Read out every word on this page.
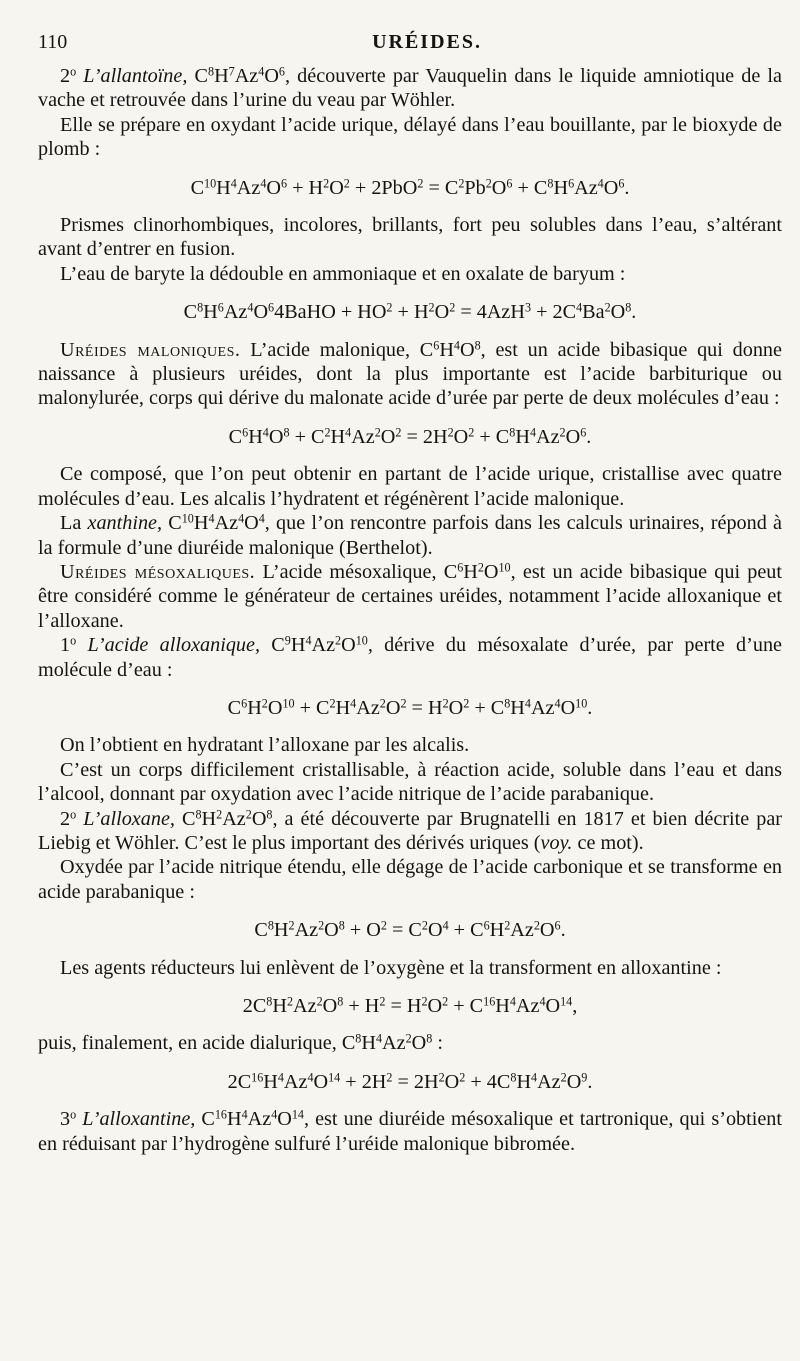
110	URÉIDES.

2$^o$ L’allantoïne, $C^8H^7Az^4O^6$, découverte par Vauquelin dans le liquide amniotique de la vache et retrouvée dans l’urine du veau par Wöhler.

Elle se prépare en oxydant l’acide urique, délayé dans l’eau bouillante, par le bioxyde de plomb :

$C^{10}H^4Az^4O^6 + H^2O^2 + 2PbO^2 = C^2Pb^2O^6 + C^8H^6Az^4O^6$.

Prismes clinorhombiques, incolores, brillants, fort peu solubles dans l’eau, s’altérant avant d’entrer en fusion.

L’eau de baryte la dédouble en ammoniaque et en oxalate de baryum :

$C^8H^6Az^4O^64BaHO + HO^2 + H^2O^2 = 4AzH^3 + 2C^4Ba^2O^8$.

Uréides maloniques. L’acide malonique, $C^6H^4O^8$, est un acide bibasique qui donne naissance à plusieurs uréides, dont la plus importante est l’acide barbiturique ou malonylurée, corps qui dérive du malonate acide d’urée par perte de deux molécules d’eau :

$C^6H^4O^8 + C^2H^4Az^2O^2 = 2H^2O^2 + C^8H^4Az^2O^6$.

Ce composé, que l’on peut obtenir en partant de l’acide urique, cristallise avec quatre molécules d’eau. Les alcalis l’hydratent et régénèrent l’acide malonique.

La xanthine, $C^{10}H^4Az^4O^4$, que l’on rencontre parfois dans les calculs urinaires, répond à la formule d’une diuréide malonique (Berthelot).

Uréides mésoxaliques. L’acide mésoxalique, $C^6H^2O^{10}$, est un acide bibasique qui peut être considéré comme le générateur de certaines uréides, notamment l’acide alloxanique et l’alloxane.

1$^o$ L’acide alloxanique, $C^9H^4Az^2O^{10}$, dérive du mésoxalate d’urée, par perte d’une molécule d’eau :

$C^6H^2O^{10} + C^2H^4Az^2O^2 = H^2O^2 + C^8H^4Az^4O^{10}$.

On l’obtient en hydratant l’alloxane par les alcalis.

C’est un corps difficilement cristallisable, à réaction acide, soluble dans l’eau et dans l’alcool, donnant par oxydation avec l’acide nitrique de l’acide parabanique.

2$^o$ L’alloxane, $C^8H^2Az^2O^8$, a été découverte par Brugnatelli en 1817 et bien décrite par Liebig et Wöhler. C’est le plus important des dérivés uriques (voy. ce mot).

Oxydée par l’acide nitrique étendu, elle dégage de l’acide carbonique et se transforme en acide parabanique :

$C^8H^2Az^2O^8 + O^2 = C^2O^4 + C^6H^2Az^2O^6$.

Les agents réducteurs lui enlèvent de l’oxygène et la transforment en alloxantine :

$2C^8H^2Az^2O^8 + H^2 = H^2O^2 + C^{16}H^4Az^4O^{14}$,

puis, finalement, en acide dialurique, $C^8H^4Az^2O^8$ :

$2C^{16}H^4Az^4O^{14} + 2H^2 = 2H^2O^2 + 4C^8H^4Az^2O^9$.

3$^o$ L’alloxantine, $C^{16}H^4Az^4O^{14}$, est une diuréide mésoxalique et tartronique, qui s’obtient en réduisant par l’hydrogène sulfuré l’uréide malonique bibromée.
